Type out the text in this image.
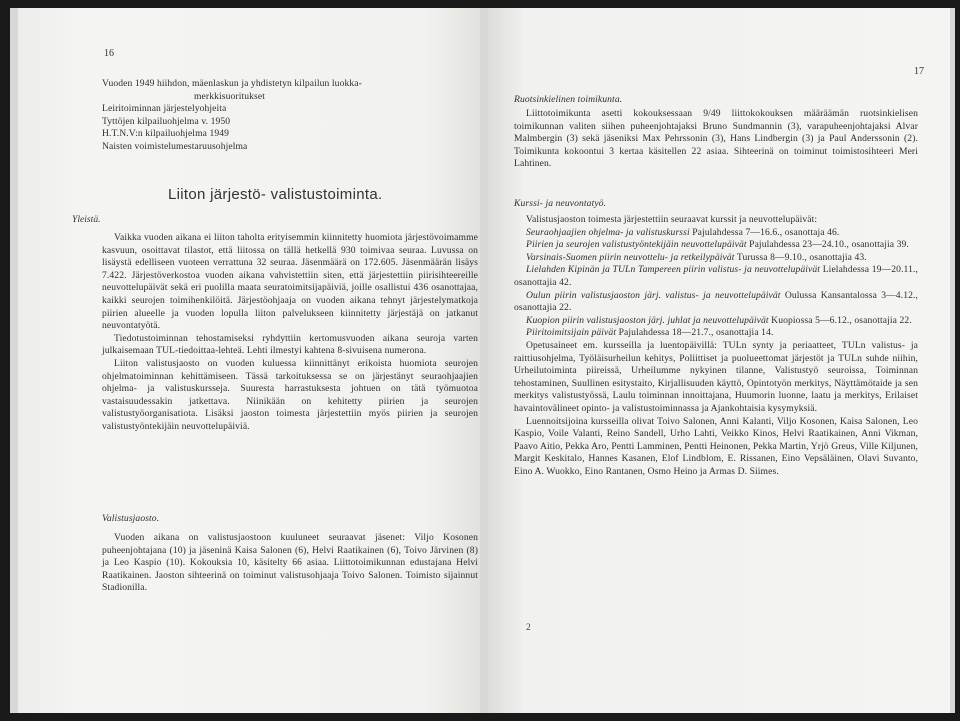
16

Vuoden 1949 hiihdon, mäenlaskun ja yhdistetyn kilpailun luokka-

merkkisuoritukset

Leiritoiminnan järjestelyohjeita

Tyttöjen kilpailuohjelma v. 1950

H.T.N.V:n kilpailuohjelma 1949

Naisten voimistelumestaruusohjelma

Liiton järjestö- valistustoiminta.
Yleistä.

Vaikka vuoden aikana ei liiton taholta erityisemmin kiinnitetty huomiota järjestövoimamme kasvuun, osoittavat tilastot, että liitossa on tällä hetkellä 930 toimivaa seuraa. Luvussa on lisäystä edelliseen vuoteen verrattuna 32 seuraa. Jäsenmäärä on 172.605. Jäsenmäärän lisäys 7.422. Järjestöverkostoa vuoden aikana vahvistettiin siten, että järjestettiin piirisihteereille neuvottelupäivät sekä eri puolilla maata seuratoimitsijapäiviä, joille osallistui 436 osanottajaa, kaikki seurojen toimihenkilöitä. Järjestöohjaaja on vuoden aikana tehnyt järjestelymatkoja piirien alueelle ja vuoden lopulla liiton palvelukseen kiinnitetty järjestäjä on jatkanut neuvontatyötä.

Tiedotustoiminnan tehostamiseksi ryhdyttiin kertomusvuoden aikana seuroja varten julkaisemaan TUL-tiedoittaa-lehteä. Lehti ilmestyi kahtena 8-sivuisena numerona.

Liiton valistusjaosto on vuoden kuluessa kiinnittänyt erikoista huomiota seurojen ohjelmatoiminnan kehittämiseen. Tässä tarkoituksessa se on järjestänyt seuraohjaajien ohjelma- ja valistuskursseja. Suuresta harrastuksesta johtuen on tätä työmuotoa vastaisuudessakin jatkettava. Niinikään on kehitetty piirien ja seurojen valistustyöorganisatiota. Lisäksi jaoston toimesta järjestettiin myös piirien ja seurojen valistustyöntekijäin neuvottelupäiviä.

Valistusjaosto.

Vuoden aikana on valistusjaostoon kuuluneet seuraavat jäsenet: Viljo Kosonen puheenjohtajana (10) ja jäseninä Kaisa Salonen (6), Helvi Raatikainen (6), Toivo Järvinen (8) ja Leo Kaspio (10). Kokouksia 10, käsitelty 66 asiaa. Liittotoimikunnan edustajana Helvi Raatikainen. Jaoston sihteerinä on toiminut valistusohjaaja Toivo Salonen. Toimisto sijainnut Stadionilla.

17
Ruotsinkielinen toimikunta.

Liittotoimikunta asetti kokouksessaan 9/49 liittokokouksen määräämän ruotsinkielisen toimikunnan valiten siihen puheenjohtajaksi Bruno Sundmannin (3), varapuheenjohtajaksi Alvar Malmbergin (3) sekä jäseniksi Max Pehrssonin (3), Hans Lindbergin (3) ja Paul Anderssonin (2). Toimikunta kokoontui 3 kertaa käsitellen 22 asiaa. Sihteerinä on toiminut toimistosihteeri Meri Lahtinen.

Kurssi- ja neuvontatyö.

Valistusjaoston toimesta järjestettiin seuraavat kurssit ja neuvottelupäivät:

Seuraohjaajien ohjelma- ja valistuskurssi Pajulahdessa 7—16.6., osanottaja 46.

Piirien ja seurojen valistustyöntekijäin neuvottelupäivät Pajulahdessa 23—24.10., osanottajia 39.

Varsinais-Suomen piirin neuvottelu- ja retkeilypäivät Turussa 8—9.10., osanottajia 43.

Lielahden Kipinän ja TULn Tampereen piirin valistus- ja neuvottelupäivät Lielahdessa 19—20.11., osanottajia 42.

Oulun piirin valistusjaoston järj. valistus- ja neuvottelupäivät Oulussa Kansantalossa 3—4.12., osanottajia 22.

Kuopion piirin valistusjaoston järj. juhlat ja neuvottelupäivät Kuopiossa 5—6.12., osanottajia 22.

Piiritoimitsijain päivät Pajulahdessa 18—21.7., osanottajia 14.

Opetusaineet em. kursseilla ja luentopäivillä: TULn synty ja periaatteet, TULn valistus- ja raittiusohjelma, Työläisurheilun kehitys, Poliittiset ja puolueettomat järjestöt ja TULn suhde niihin, Urheilutoiminta piireissä, Urheilumme nykyinen tilanne, Valistustyö seuroissa, Toiminnan tehostaminen, Suullinen esitystaito, Kirjallisuuden käyttö, Opintotyön merkitys, Näyttämötaide ja sen merkitys valistustyössä, Laulu toiminnan innoittajana, Huumorin luonne, laatu ja merkitys, Erilaiset havaintovälineet opinto- ja valistustoiminnassa ja Ajankohtaisia kysymyksiä.

Luennoitsijoina kursseilla olivat Toivo Salonen, Anni Kalanti, Viljo Kosonen, Kaisa Salonen, Leo Kaspio, Voile Valanti, Reino Sandell, Urho Lahti, Veikko Kinos, Helvi Raatikainen, Anni Vikman, Paavo Aitio, Pekka Aro, Pentti Lamminen, Pentti Heinonen, Pekka Martin, Yrjö Greus, Ville Kiljunen, Margit Keskitalo, Hannes Kasanen, Elof Lindblom, E. Rissanen, Eino Vepsäläinen, Olavi Suvanto, Eino A. Wuokko, Eino Rantanen, Osmo Heino ja Armas D. Siimes.

2
